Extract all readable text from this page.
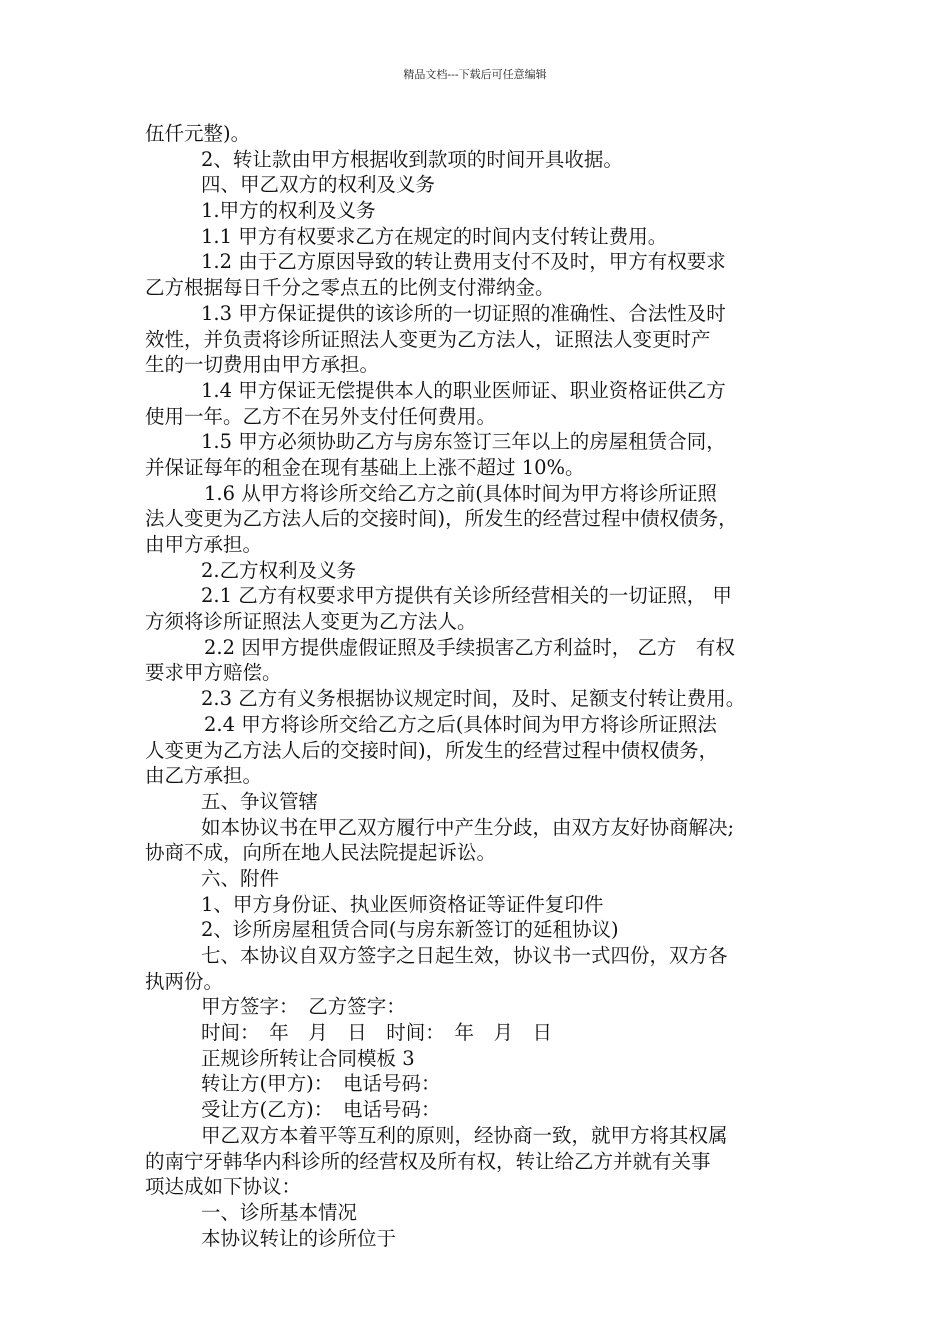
精品文档---下载后可任意编辑
伍仟元整)。
2、转让款由甲方根据收到款项的时间开具收据。
四、甲乙双方的权利及义务
1.甲方的权利及义务
1.1 甲方有权要求乙方在规定的时间内支付转让费用。
1.2 由于乙方原因导致的转让费用支付不及时，甲方有权要求
乙方根据每日千分之零点五的比例支付滞纳金。
1.3 甲方保证提供的该诊所的一切证照的准确性、合法性及时
效性，并负责将诊所证照法人变更为乙方法人，证照法人变更时产
生的一切费用由甲方承担。
1.4 甲方保证无偿提供本人的职业医师证、职业资格证供乙方
使用一年。乙方不在另外支付任何费用。
1.5 甲方必须协助乙方与房东签订三年以上的房屋租赁合同，
并保证每年的租金在现有基础上上涨不超过 10%。
1.6 从甲方将诊所交给乙方之前(具体时间为甲方将诊所证照
法人变更为乙方法人后的交接时间)，所发生的经营过程中债权债务，
由甲方承担。
2.乙方权利及义务
2.1 乙方有权要求甲方提供有关诊所经营相关的一切证照， 甲
方须将诊所证照法人变更为乙方法人。
2.2 因甲方提供虚假证照及手续损害乙方利益时， 乙方　有权
要求甲方赔偿。
2.3 乙方有义务根据协议规定时间，及时、足额支付转让费用。
2.4 甲方将诊所交给乙方之后(具体时间为甲方将诊所证照法
人变更为乙方法人后的交接时间)，所发生的经营过程中债权债务，
由乙方承担。
五、争议管辖
如本协议书在甲乙双方履行中产生分歧，由双方友好协商解决;
协商不成，向所在地人民法院提起诉讼。
六、附件
1、甲方身份证、执业医师资格证等证件复印件
2、诊所房屋租赁合同(与房东新签订的延租协议)
七、本协议自双方签字之日起生效，协议书一式四份，双方各
执两份。
甲方签字：　乙方签字：
时间：　年　月　日　时间：　年　月　日
正规诊所转让合同模板 3
转让方(甲方)：　电话号码：
受让方(乙方)：　电话号码：
甲乙双方本着平等互利的原则，经协商一致，就甲方将其权属
的南宁牙韩华内科诊所的经营权及所有权，转让给乙方并就有关事
项达成如下协议：
一、诊所基本情况
本协议转让的诊所位于
